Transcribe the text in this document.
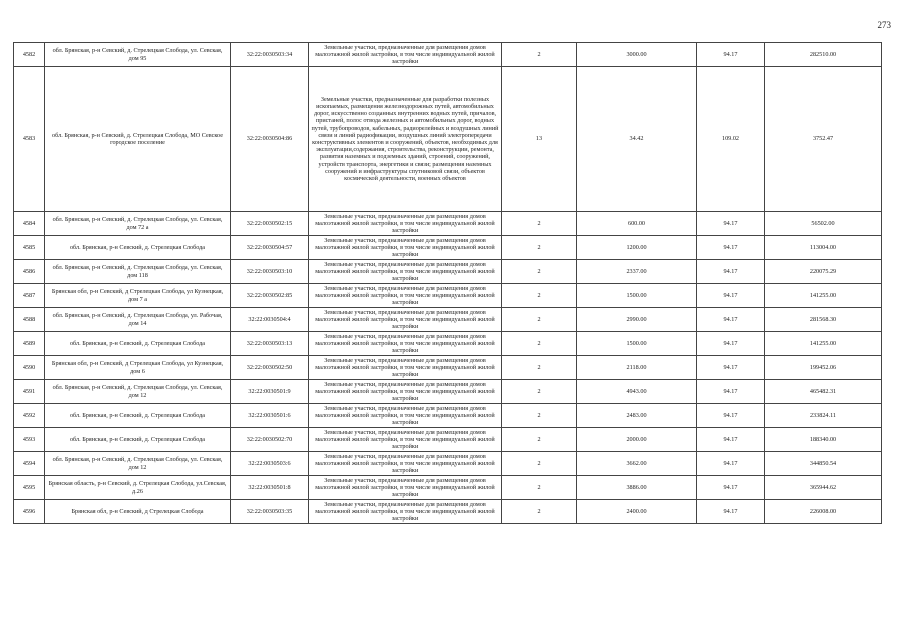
273
4582	обл. Брянская, р-н Севский, д. Стрелецкая Слобода, ул. Севская, дом 95	32:22:0030503:34	Земельные участки, предназначенные для размещения домов малоэтажной жилой застройки, в том числе индивидуальной жилой застройки	2	3000.00	94.17	282510.00
4583	обл. Брянская, р-н Севский, д. Стрелецкая Слобода, МО Севское городское поселение	32:22:0030504:86	Земельные участки, предназначенные для разработки полезных ископаемых, размещения железнодорожных путей, автомобильных дорог, искусственно созданных внутренних водных путей, причалов, пристаней, полос отвода железных и автомобильных дорог, водных путей, трубопроводов, кабельных, радиорелейных и воздушных линий связи и линий радиофикации, воздушных линий электропередачи конструктивных элементов и сооружений, объектов, необходимых для эксплуатации,содержания, строительства, реконструкции, ремонта, развития наземных и подземных зданий, строений, сооружений, устройств транспорта, энергетики и связи; размещения наземных сооружений и инфраструктуры спутниковой связи, объектов космической деятельности, военных объектов	13	34.42	109.02	3752.47
4584	обл. Брянская, р-н Севский, д. Стрелецкая Слобода, ул. Севская, дом 72 а	32:22:0030502:15	Земельные участки, предназначенные для размещения домов малоэтажной жилой застройки, в том числе индивидуальной жилой застройки	2	600.00	94.17	56502.00
4585	обл. Брянская, р-н Севский, д. Стрелецкая Слобода	32:22:0030504:57	Земельные участки, предназначенные для размещения домов малоэтажной жилой застройки, в том числе индивидуальной жилой застройки	2	1200.00	94.17	113004.00
4586	обл. Брянская, р-н Севский, д. Стрелецкая Слобода, ул. Севская, дом 118	32:22:0030503:10	Земельные участки, предназначенные для размещения домов малоэтажной жилой застройки, в том числе индивидуальной жилой застройки	2	2337.00	94.17	220075.29
4587	Брянская обл, р-н Севский, д Стрелецкая Слобода, ул Кузнецкая, дом 7 а	32:22:0030502:85	Земельные участки, предназначенные для размещения домов малоэтажной жилой застройки, в том числе индивидуальной жилой застройки	2	1500.00	94.17	141255.00
4588	обл. Брянская, р-н Севский, д. Стрелецкая Слобода, ул. Рабочая, дом 14	32:22:0030504:4	Земельные участки, предназначенные для размещения домов малоэтажной жилой застройки, в том числе индивидуальной жилой застройки	2	2990.00	94.17	281568.30
4589	обл. Брянская, р-н Севский, д. Стрелецкая Слобода	32:22:0030503:13	Земельные участки, предназначенные для размещения домов малоэтажной жилой застройки, в том числе индивидуальной жилой застройки	2	1500.00	94.17	141255.00
4590	Брянская обл, р-н Севский, д Стрелецкая Слобода, ул Кузнецкая, дом 6	32:22:0030502:50	Земельные участки, предназначенные для размещения домов малоэтажной жилой застройки, в том числе индивидуальной жилой застройки	2	2118.00	94.17	199452.06
4591	обл. Брянская, р-н Севский, д. Стрелецкая Слобода, ул. Севская, дом 12	32:22:0030501:9	Земельные участки, предназначенные для размещения домов малоэтажной жилой застройки, в том числе индивидуальной жилой застройки	2	4943.00	94.17	465482.31
4592	обл. Брянская, р-н Севский, д. Стрелецкая Слобода	32:22:0030501:6	Земельные участки, предназначенные для размещения домов малоэтажной жилой застройки, в том числе индивидуальной жилой застройки	2	2483.00	94.17	233824.11
4593	обл. Брянская, р-н Севский, д. Стрелецкая Слобода	32:22:0030502:70	Земельные участки, предназначенные для размещения домов малоэтажной жилой застройки, в том числе индивидуальной жилой застройки	2	2000.00	94.17	188340.00
4594	обл. Брянская, р-н Севский, д. Стрелецкая Слобода, ул. Севская, дом 12	32:22:0030503:6	Земельные участки, предназначенные для размещения домов малоэтажной жилой застройки, в том числе индивидуальной жилой застройки	2	3662.00	94.17	344850.54
4595	Брянская область, р-н Севский, д. Стрелецкая Слобода, ул.Севская, д.26	32:22:0030501:8	Земельные участки, предназначенные для размещения домов малоэтажной жилой застройки, в том числе индивидуальной жилой застройки	2	3886.00	94.17	365944.62
4596	Брянская обл, р-н Севский, д Стрелецкая Слобода	32:22:0030503:35	Земельные участки, предназначенные для размещения домов малоэтажной жилой застройки, в том числе индивидуальной жилой застройки	2	2400.00	94.17	226008.00
